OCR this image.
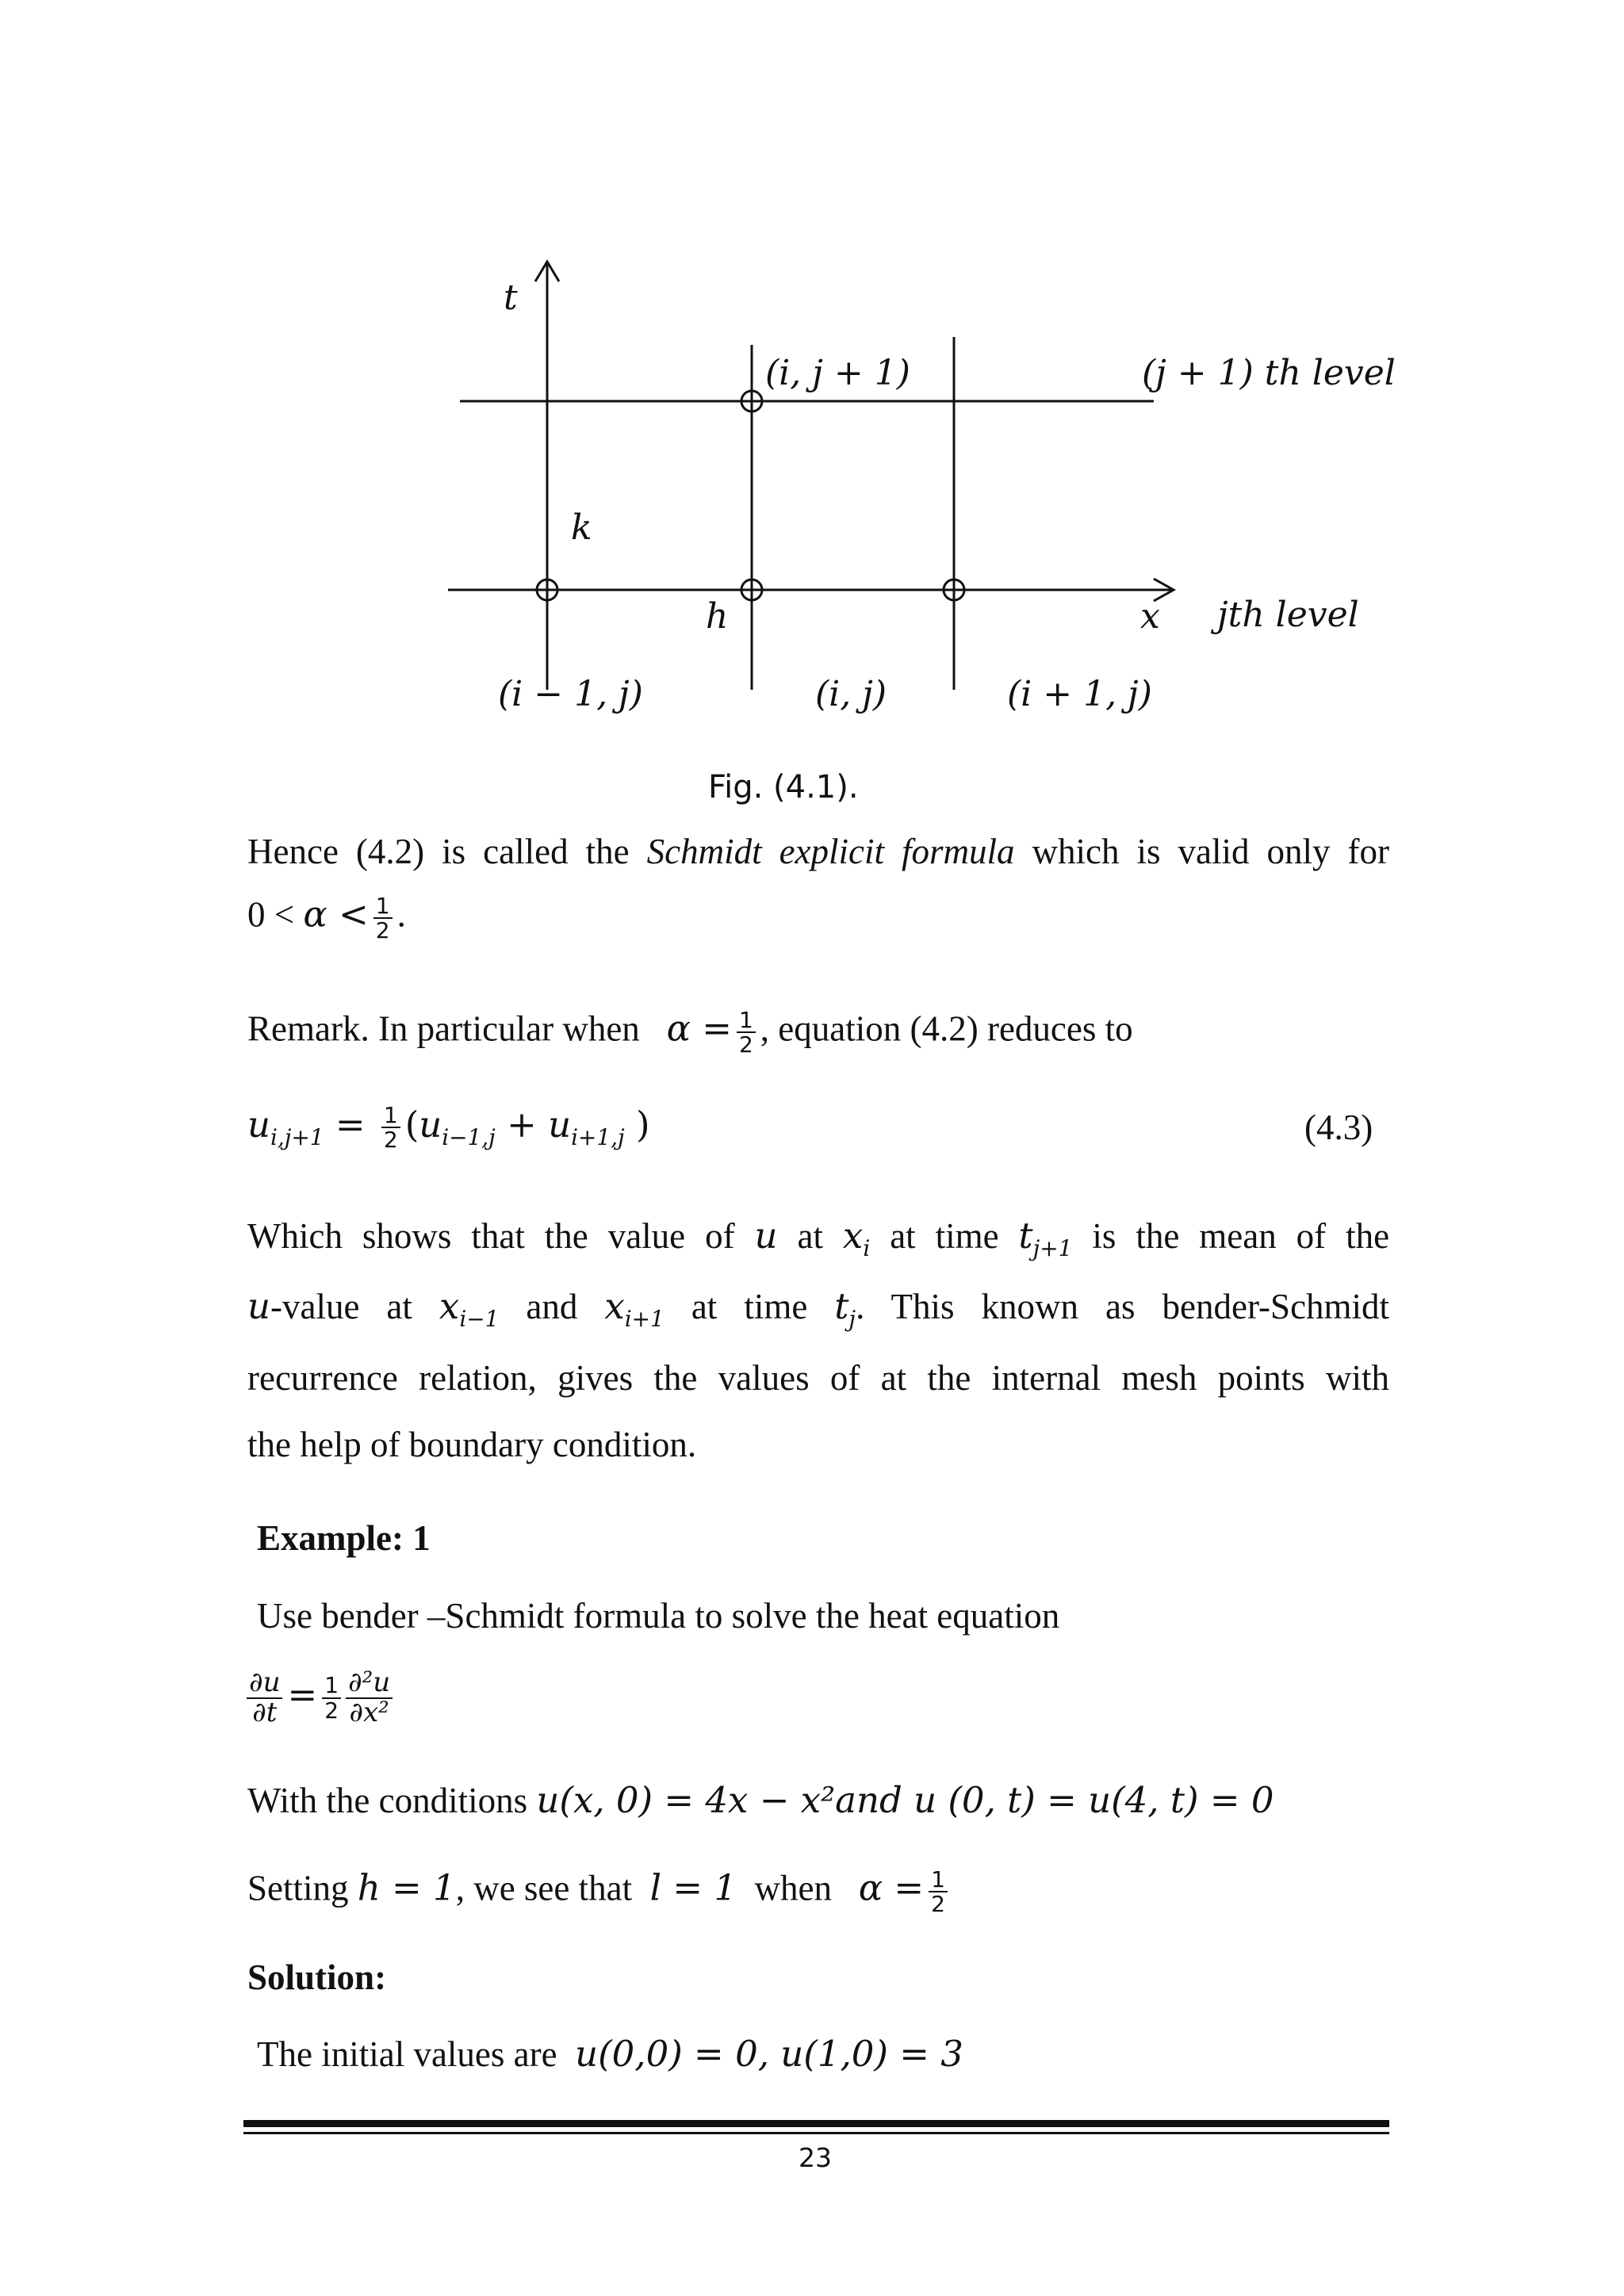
t
x
k
h
(i, j + 1)	(j + 1) th level
jth level
(i − 1, j)	(i, j)	(i + 1, j)
Fig. (4.1).
Hence (4.2) is called the Schmidt explicit formula which is valid only for
$0 < \alpha < \frac{1}{2}$ .
Remark. In particular when $\alpha = \frac{1}{2}$ , equation (4.2) reduces to
$u_{i,j+1} = \frac{1}{2} (u_{i-1,j} + u_{i+1,j}$ )	(4.3)
Which shows that the value of u at $x_i$ at time $t_{j+1}$ is the mean of the
u-value at $x_{i-1}$ and $x_{i+1}$ at time $t_j$. This known as bender-Schmidt
recurrence relation, gives the values of at the internal mesh points with
the help of boundary condition.
Example: 1
Use bender –Schmidt formula to solve the heat equation
$\frac{\partial u}{\partial t} = \frac{1}{2} \frac{\text{∂²u}}{\text{∂x²}}$
With the conditions u(x, 0) = 4x − x²and u (0, t) = u(4, t) = 0
Setting h = 1, we see that l = 1 when $\alpha = \frac{1}{2}$
Solution:
The initial values are u(0,0) = 0, u(1,0) = 3
23
